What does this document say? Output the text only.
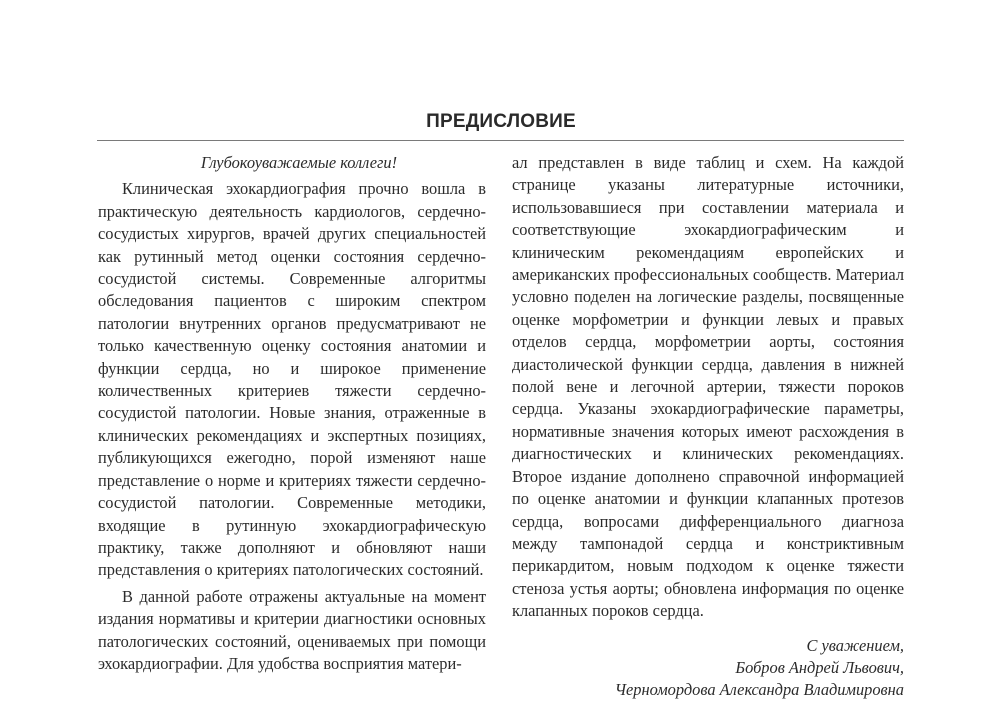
ПРЕДИСЛОВИЕ
Глубокоуважаемые коллеги!

Клиническая эхокардиография прочно вошла в практическую деятельность кардиологов, сердечно-сосудистых хирургов, врачей других специальностей как рутинный метод оценки состояния сердечно-сосудистой системы. Современные алгоритмы обследования пациентов с широким спектром патологии внутренних органов предусматривают не только качественную оценку состояния анатомии и функции сердца, но и широкое применение количественных критериев тяжести сердечно-сосудистой патологии. Новые знания, отраженные в клинических рекомендациях и экспертных позициях, публикующихся ежегодно, порой изменяют наше представление о норме и критериях тяжести сердечно-сосудистой патологии. Современные методики, входящие в рутинную эхокардиографическую практику, также дополняют и обновляют наши представления о критериях патологических состояний.

В данной работе отражены актуальные на момент издания нормативы и критерии диагностики основных патологических состояний, оцениваемых при помощи эхокардиографии. Для удобства восприятия матери-

ал представлен в виде таблиц и схем. На каждой странице указаны литературные источники, использовавшиеся при составлении материала и соответствующие эхокардиографическим и клиническим рекомендациям европейских и американских профессиональных сообществ. Материал условно поделен на логические разделы, посвященные оценке морфометрии и функции левых и правых отделов сердца, морфометрии аорты, состояния диастолической функции сердца, давления в нижней полой вене и легочной артерии, тяжести пороков сердца. Указаны эхокардиографические параметры, нормативные значения которых имеют расхождения в диагностических и клинических рекомендациях. Второе издание дополнено справочной информацией по оценке анатомии и функции клапанных протезов сердца, вопросами дифференциального диагноза между тампонадой сердца и констриктивным перикардитом, новым подходом к оценке тяжести стеноза устья аорты; обновлена информация по оценке клапанных пороков сердца.

С уважением,
Бобров Андрей Львович,
Черномордова Александра Владимировна
